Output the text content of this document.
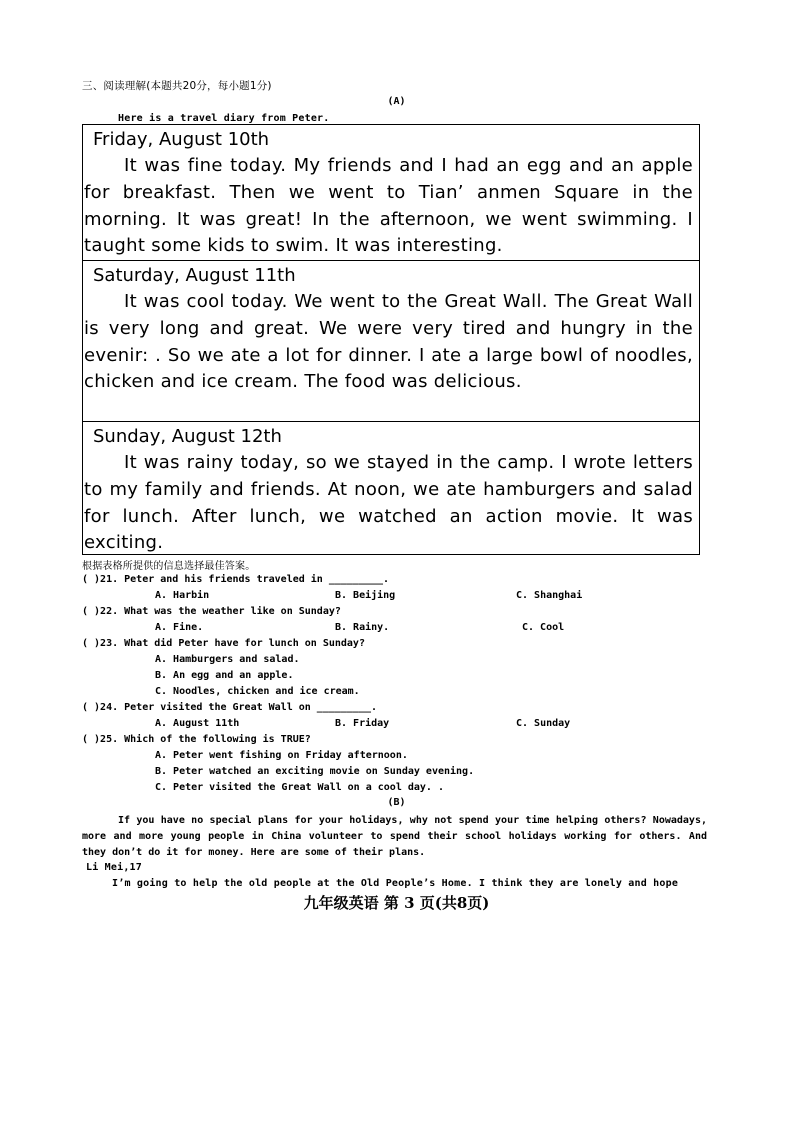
三、阅读理解(本题共20分，每小题1分)
(A)
Here is a travel diary from Peter.
Friday, August 10th
It was fine today. My friends and I had an egg and an apple for breakfast. Then we went to Tian’ anmen Square in the morning. It was great! In the afternoon, we went swimming. I taught some kids to swim. It was interesting.
Saturday, August 11th
It was cool today. We went to the Great Wall. The Great Wall is very long and great. We were very tired and hungry in the evenir: . So we ate a lot for dinner. I ate a large bowl of noodles, chicken and ice cream. The food was delicious.
Sunday, August 12th
It was rainy today, so we stayed in the camp. I wrote letters to my family and friends. At noon, we ate hamburgers and salad for lunch. After lunch, we watched an action movie. It was exciting.
根据表格所提供的信息选择最佳答案。
( )21. Peter and his friends traveled in _________.
A. Harbin	B. Beijing	C. Shanghai
( )22. What was the weather like on Sunday?
A. Fine.	B. Rainy.	C. Cool
( )23. What did Peter have for lunch on Sunday?
A. Hamburgers and salad.
B. An egg and an apple.
C. Noodles, chicken and ice cream.
( )24. Peter visited the Great Wall on _________.
A. August 11th	B. Friday	C. Sunday
( )25. Which of the following is TRUE?
A. Peter went fishing on Friday afternoon.
B. Peter watched an exciting movie on Sunday evening.
C. Peter visited the Great Wall on a cool day. .
(B)
If you have no special plans for your holidays, why not spend your time helping others? Nowadays, more and more young people in China volunteer to spend their school holidays working for others. And they don’t do it for money. Here are some of their plans.
Li Mei,17
I’m going to help the old people at the Old People’s Home. I think they are lonely and hope
九年级英语 第 3 页(共8页)
